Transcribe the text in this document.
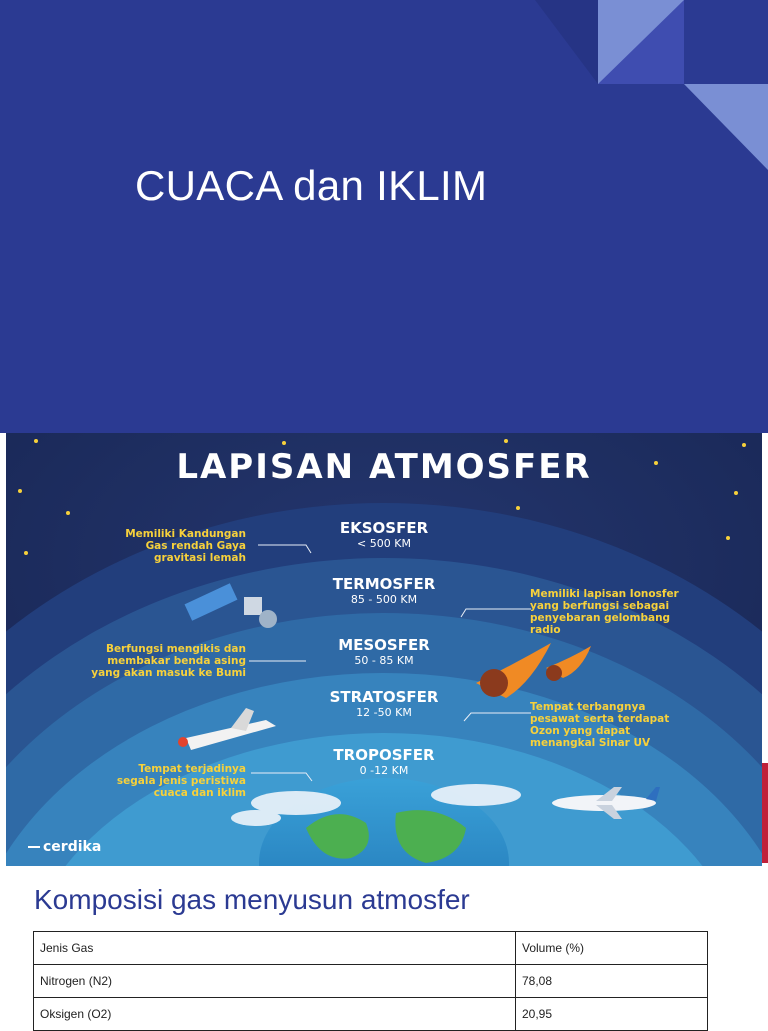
CUACA dan IKLIM
LAPISAN ATMOSFER
EKSOSFER
< 500 KM
TERMOSFER
85 - 500 KM
MESOSFER
50 - 85 KM
STRATOSFER
12 -50 KM
TROPOSFER
0 -12 KM
Memiliki Kandungan
Gas rendah Gaya
gravitasi lemah
Memiliki lapisan Ionosfer
yang berfungsi sebagai
penyebaran gelombang
radio
Berfungsi mengikis dan
membakar benda asing
yang akan masuk ke Bumi
Tempat terbangnya
pesawat serta terdapat
Ozon yang dapat
menangkal Sinar UV
Tempat terjadinya
segala jenis peristiwa
cuaca dan iklim
cerdika
Komposisi gas menyusun atmosfer
Jenis Gas	Volume (%)
Nitrogen (N2)	78,08
Oksigen (O2)	20,95
